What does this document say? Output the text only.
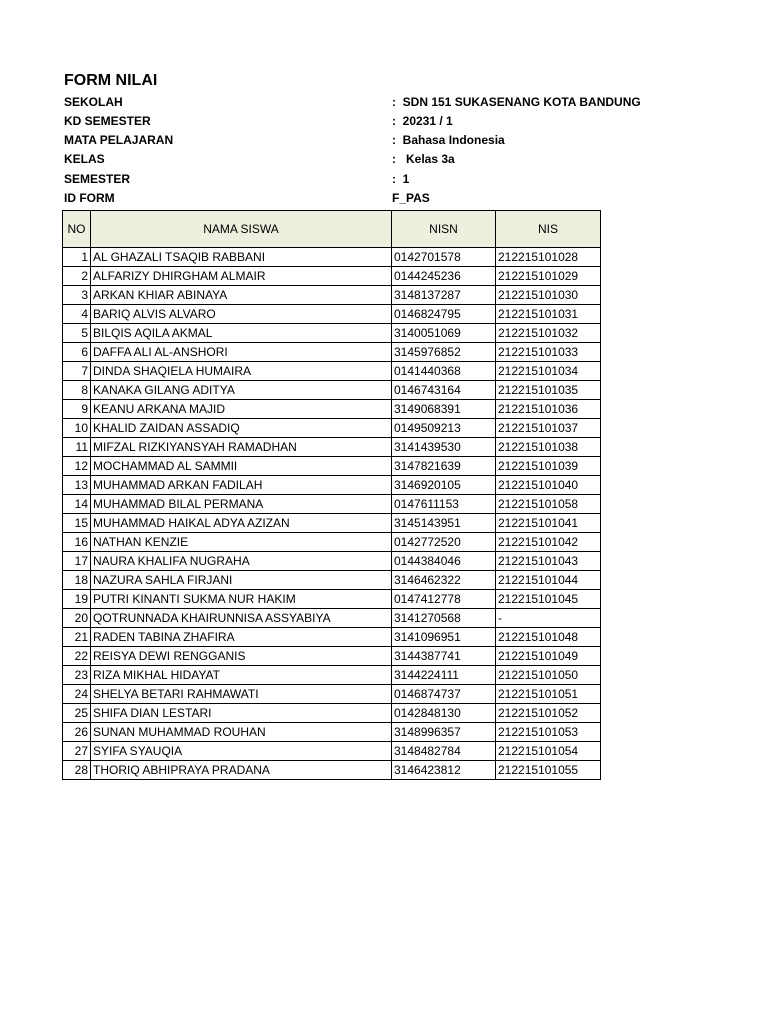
FORM NILAI
SEKOLAH	:  SDN 151 SUKASENANG KOTA BANDUNG
KD SEMESTER	:  20231 / 1
MATA PELAJARAN	:  Bahasa Indonesia
KELAS	:   Kelas 3a
SEMESTER	:  1
ID FORM	F_PAS
NO	NAMA SISWA	NISN	NIS
1	AL GHAZALI TSAQIB RABBANI	0142701578	212215101028
2	ALFARIZY DHIRGHAM ALMAIR	0144245236	212215101029
3	ARKAN KHIAR ABINAYA	3148137287	212215101030
4	BARIQ ALVIS ALVARO	0146824795	212215101031
5	BILQIS AQILA AKMAL	3140051069	212215101032
6	DAFFA ALI AL-ANSHORI	3145976852	212215101033
7	DINDA SHAQIELA HUMAIRA	0141440368	212215101034
8	KANAKA GILANG ADITYA	0146743164	212215101035
9	KEANU ARKANA MAJID	3149068391	212215101036
10	KHALID ZAIDAN ASSADIQ	0149509213	212215101037
11	MIFZAL RIZKIYANSYAH RAMADHAN	3141439530	212215101038
12	MOCHAMMAD AL SAMMII	3147821639	212215101039
13	MUHAMMAD ARKAN FADILAH	3146920105	212215101040
14	MUHAMMAD BILAL PERMANA	0147611153	212215101058
15	MUHAMMAD HAIKAL ADYA AZIZAN	3145143951	212215101041
16	NATHAN KENZIE	0142772520	212215101042
17	NAURA KHALIFA NUGRAHA	0144384046	212215101043
18	NAZURA SAHLA FIRJANI	3146462322	212215101044
19	PUTRI KINANTI SUKMA NUR HAKIM	0147412778	212215101045
20	QOTRUNNADA KHAIRUNNISA ASSYABIYA	3141270568	-
21	RADEN TABINA ZHAFIRA	3141096951	212215101048
22	REISYA DEWI RENGGANIS	3144387741	212215101049
23	RIZA MIKHAL HIDAYAT	3144224111	212215101050
24	SHELYA BETARI RAHMAWATI	0146874737	212215101051
25	SHIFA DIAN LESTARI	0142848130	212215101052
26	SUNAN MUHAMMAD ROUHAN	3148996357	212215101053
27	SYIFA SYAUQIA	3148482784	212215101054
28	THORIQ ABHIPRAYA PRADANA	3146423812	212215101055
